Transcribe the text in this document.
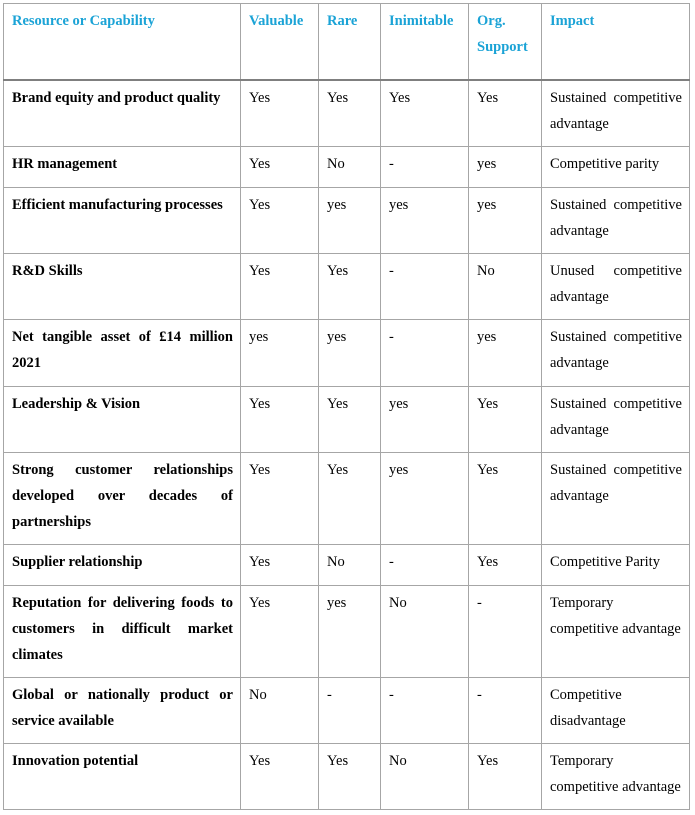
Resource or Capability	Valuable	Rare	Inimitable	Org. Support	Impact
Brand equity and product quality	Yes	Yes	Yes	Yes	Sustained competitive advantage
HR management	Yes	No	-	yes	Competitive parity
Efficient manufacturing processes	Yes	yes	yes	yes	Sustained competitive advantage
R&D Skills	Yes	Yes	-	No	Unused competitive advantage
Net tangible asset of £14 million 2021	yes	yes	-	yes	Sustained competitive advantage
Leadership & Vision	Yes	Yes	yes	Yes	Sustained competitive advantage
Strong customer relationships developed over decades of partnerships	Yes	Yes	yes	Yes	Sustained competitive advantage
Supplier relationship	Yes	No	-	Yes	Competitive Parity
Reputation for delivering foods to customers in difficult market climates	Yes	yes	No	-	Temporary competitive advantage
Global or nationally product or service available	No	-	-	-	Competitive disadvantage
Innovation potential	Yes	Yes	No	Yes	Temporary competitive advantage
